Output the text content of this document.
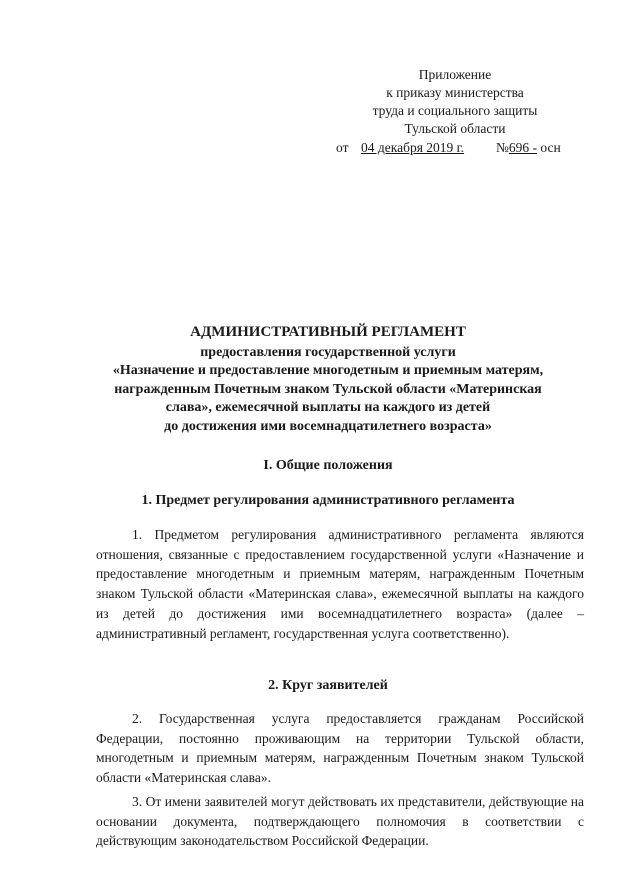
Приложение
к приказу министерства
труда и социального защиты
Тульской области
от 04 декабря 2019 г. №696 - осн
АДМИНИСТРАТИВНЫЙ РЕГЛАМЕНТ
предоставления государственной услуги
«Назначение и предоставление многодетным и приемным матерям,
награжденным Почетным знаком Тульской области «Материнская
слава», ежемесячной выплаты на каждого из детей
до достижения ими восемнадцатилетнего возраста»
I. Общие положения
1. Предмет регулирования административного регламента
1. Предметом регулирования административного регламента являются отношения, связанные с предоставлением государственной услуги «Назначение и предоставление многодетным и приемным матерям, награжденным Почетным знаком Тульской области «Материнская слава», ежемесячной выплаты на каждого из детей до достижения ими восемнадцатилетнего возраста» (далее – административный регламент, государственная услуга соответственно).
2. Круг заявителей
2. Государственная услуга предоставляется гражданам Российской Федерации, постоянно проживающим на территории Тульской области, многодетным и приемным матерям, награжденным Почетным знаком Тульской области «Материнская слава».
3. От имени заявителей могут действовать их представители, действующие на основании документа, подтверждающего полномочия в соответствии с действующим законодательством Российской Федерации.
